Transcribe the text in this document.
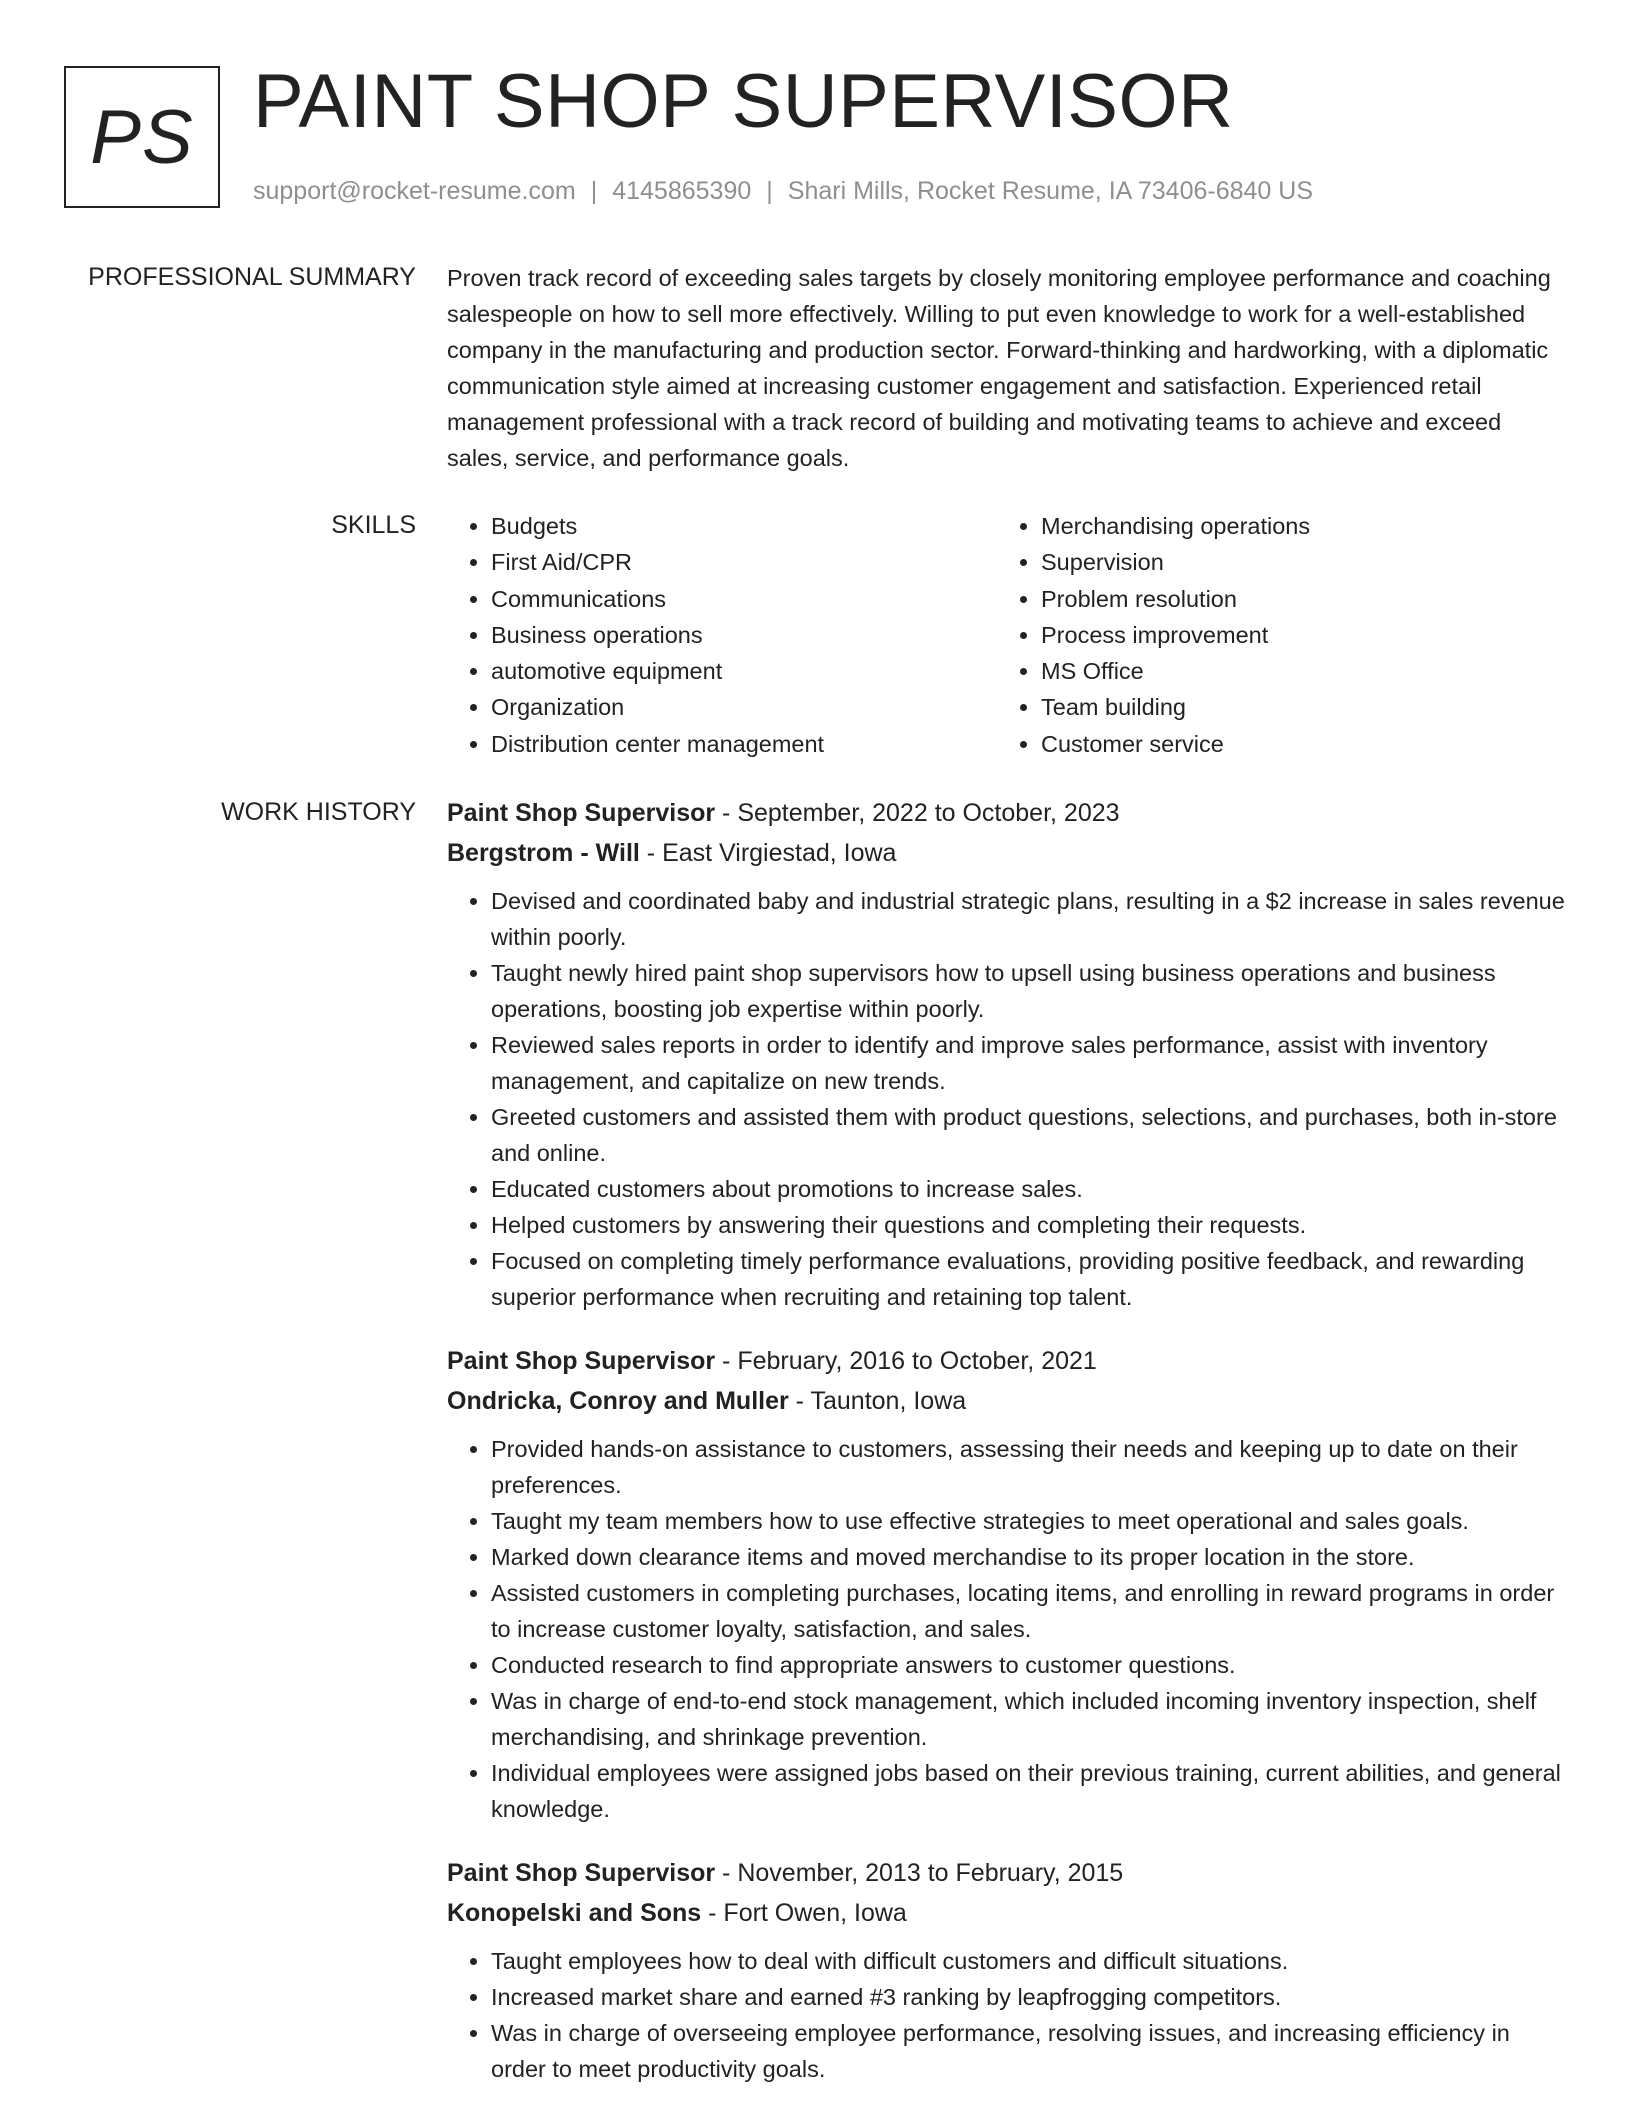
PS PAINT SHOP SUPERVISOR
support@rocket-resume.com | 4145865390 | Shari Mills, Rocket Resume, IA 73406-6840 US
PROFESSIONAL SUMMARY Proven track record of exceeding sales targets by closely monitoring employee performance and coaching salespeople on how to sell more effectively. Willing to put even knowledge to work for a well-established company in the manufacturing and production sector. Forward-thinking and hardworking, with a diplomatic communication style aimed at increasing customer engagement and satisfaction. Experienced retail management professional with a track record of building and motivating teams to achieve and exceed sales, service, and performance goals.

SKILLS
•	Budgets
• First Aid/CPR
• Communications
• Business operations
• automotive equipment
• Organization
• Distribution center management
• Merchandising operations
• Supervision
• Problem resolution
• Process improvement
• MS Office
• Team building
• Customer service
WORK HISTORY Paint Shop Supervisor - September, 2022 to October, 2023
Bergstrom - Will - East Virgiestad, Iowa
• Devised and coordinated baby and industrial strategic plans, resulting in a $2 increase in sales revenue within poorly.
• Taught newly hired paint shop supervisors how to upsell using business operations and business operations, boosting job expertise within poorly.
• Reviewed sales reports in order to identify and improve sales performance, assist with inventory management, and capitalize on new trends.
• Greeted customers and assisted them with product questions, selections, and purchases, both in-store and online.
• Educated customers about promotions to increase sales.
• Helped customers by answering their questions and completing their requests.
• Focused on completing timely performance evaluations, providing positive feedback, and rewarding superior performance when recruiting and retaining top talent.
Paint Shop Supervisor - February, 2016 to October, 2021
Ondricka, Conroy and Muller - Taunton, Iowa
• Provided hands-on assistance to customers, assessing their needs and keeping up to date on their preferences.
• Taught my team members how to use effective strategies to meet operational and sales goals.
• Marked down clearance items and moved merchandise to its proper location in the store.
• Assisted customers in completing purchases, locating items, and enrolling in reward programs in order to increase customer loyalty, satisfaction, and sales.
• Conducted research to find appropriate answers to customer questions.
• Was in charge of end-to-end stock management, which included incoming inventory inspection, shelf merchandising, and shrinkage prevention.
• Individual employees were assigned jobs based on their previous training, current abilities, and general knowledge.
Paint Shop Supervisor - November, 2013 to February, 2015
Konopelski and Sons - Fort Owen, Iowa
• Taught employees how to deal with difficult customers and difficult situations.
• Increased market share and earned #3 ranking by leapfrogging competitors.
• Was in charge of overseeing employee performance, resolving issues, and increasing efficiency in order to meet productivity goals.
